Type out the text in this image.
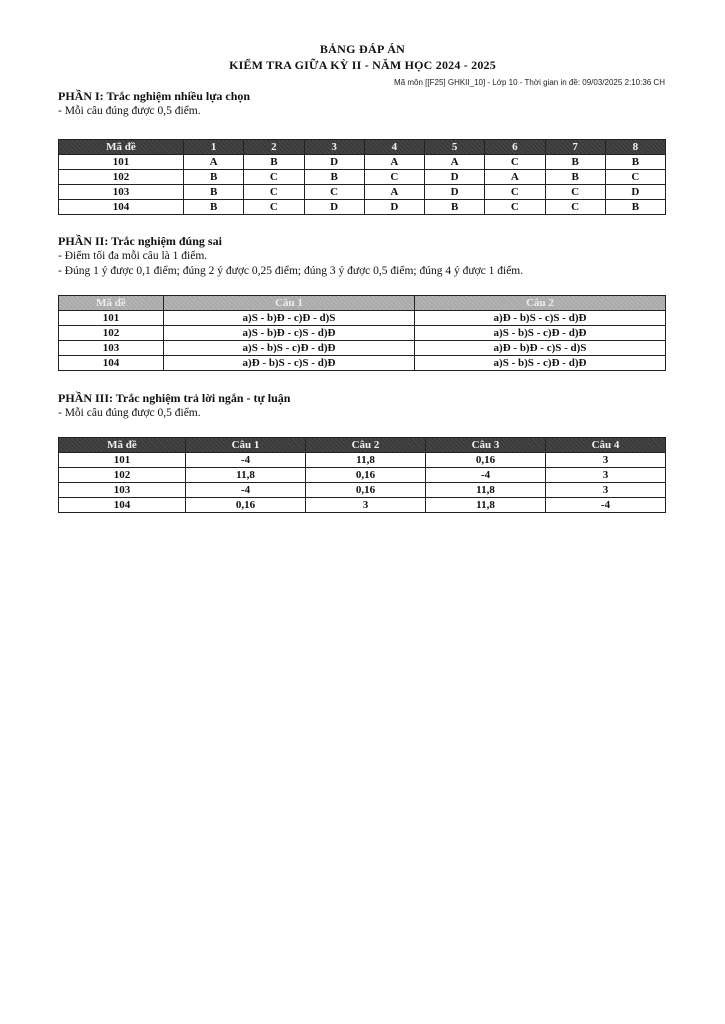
BẢNG ĐÁP ÁN
KIỂM TRA GIỮA KỲ II - NĂM HỌC 2024 - 2025
Mã môn [[F25] GHKII_10] - Lớp 10 - Thời gian in đề: 09/03/2025 2:10:36 CH
PHẦN I: Trắc nghiệm nhiều lựa chọn
- Mỗi câu đúng được 0,5 điểm.
Mã đề	1	2	3	4	5	6	7	8
101	A	B	D	A	A	C	B	B
102	B	C	B	C	D	A	B	C
103	B	C	C	A	D	C	C	D
104	B	C	D	D	B	C	C	B
PHẦN II: Trắc nghiệm đúng sai
- Điểm tối đa mỗi câu là 1 điểm.
- Đúng 1 ý được 0,1 điểm; đúng 2 ý được 0,25 điểm; đúng 3 ý được 0,5 điểm; đúng 4 ý được 1 điểm.
Mã đề	Câu 1	Câu 2
101	a)S - b)Đ - c)Đ - d)S	a)Đ - b)S - c)S - d)Đ
102	a)S - b)Đ - c)S - d)Đ	a)S - b)S - c)Đ - d)Đ
103	a)S - b)S - c)Đ - d)Đ	a)Đ - b)Đ - c)S - d)S
104	a)Đ - b)S - c)S - d)Đ	a)S - b)S - c)Đ - d)Đ
PHẦN III: Trắc nghiệm trả lời ngắn - tự luận
- Mỗi câu đúng được 0,5 điểm.
Mã đề	Câu 1	Câu 2	Câu 3	Câu 4
101	-4	11,8	0,16	3
102	11,8	0,16	-4	3
103	-4	0,16	11,8	3
104	0,16	3	11,8	-4
